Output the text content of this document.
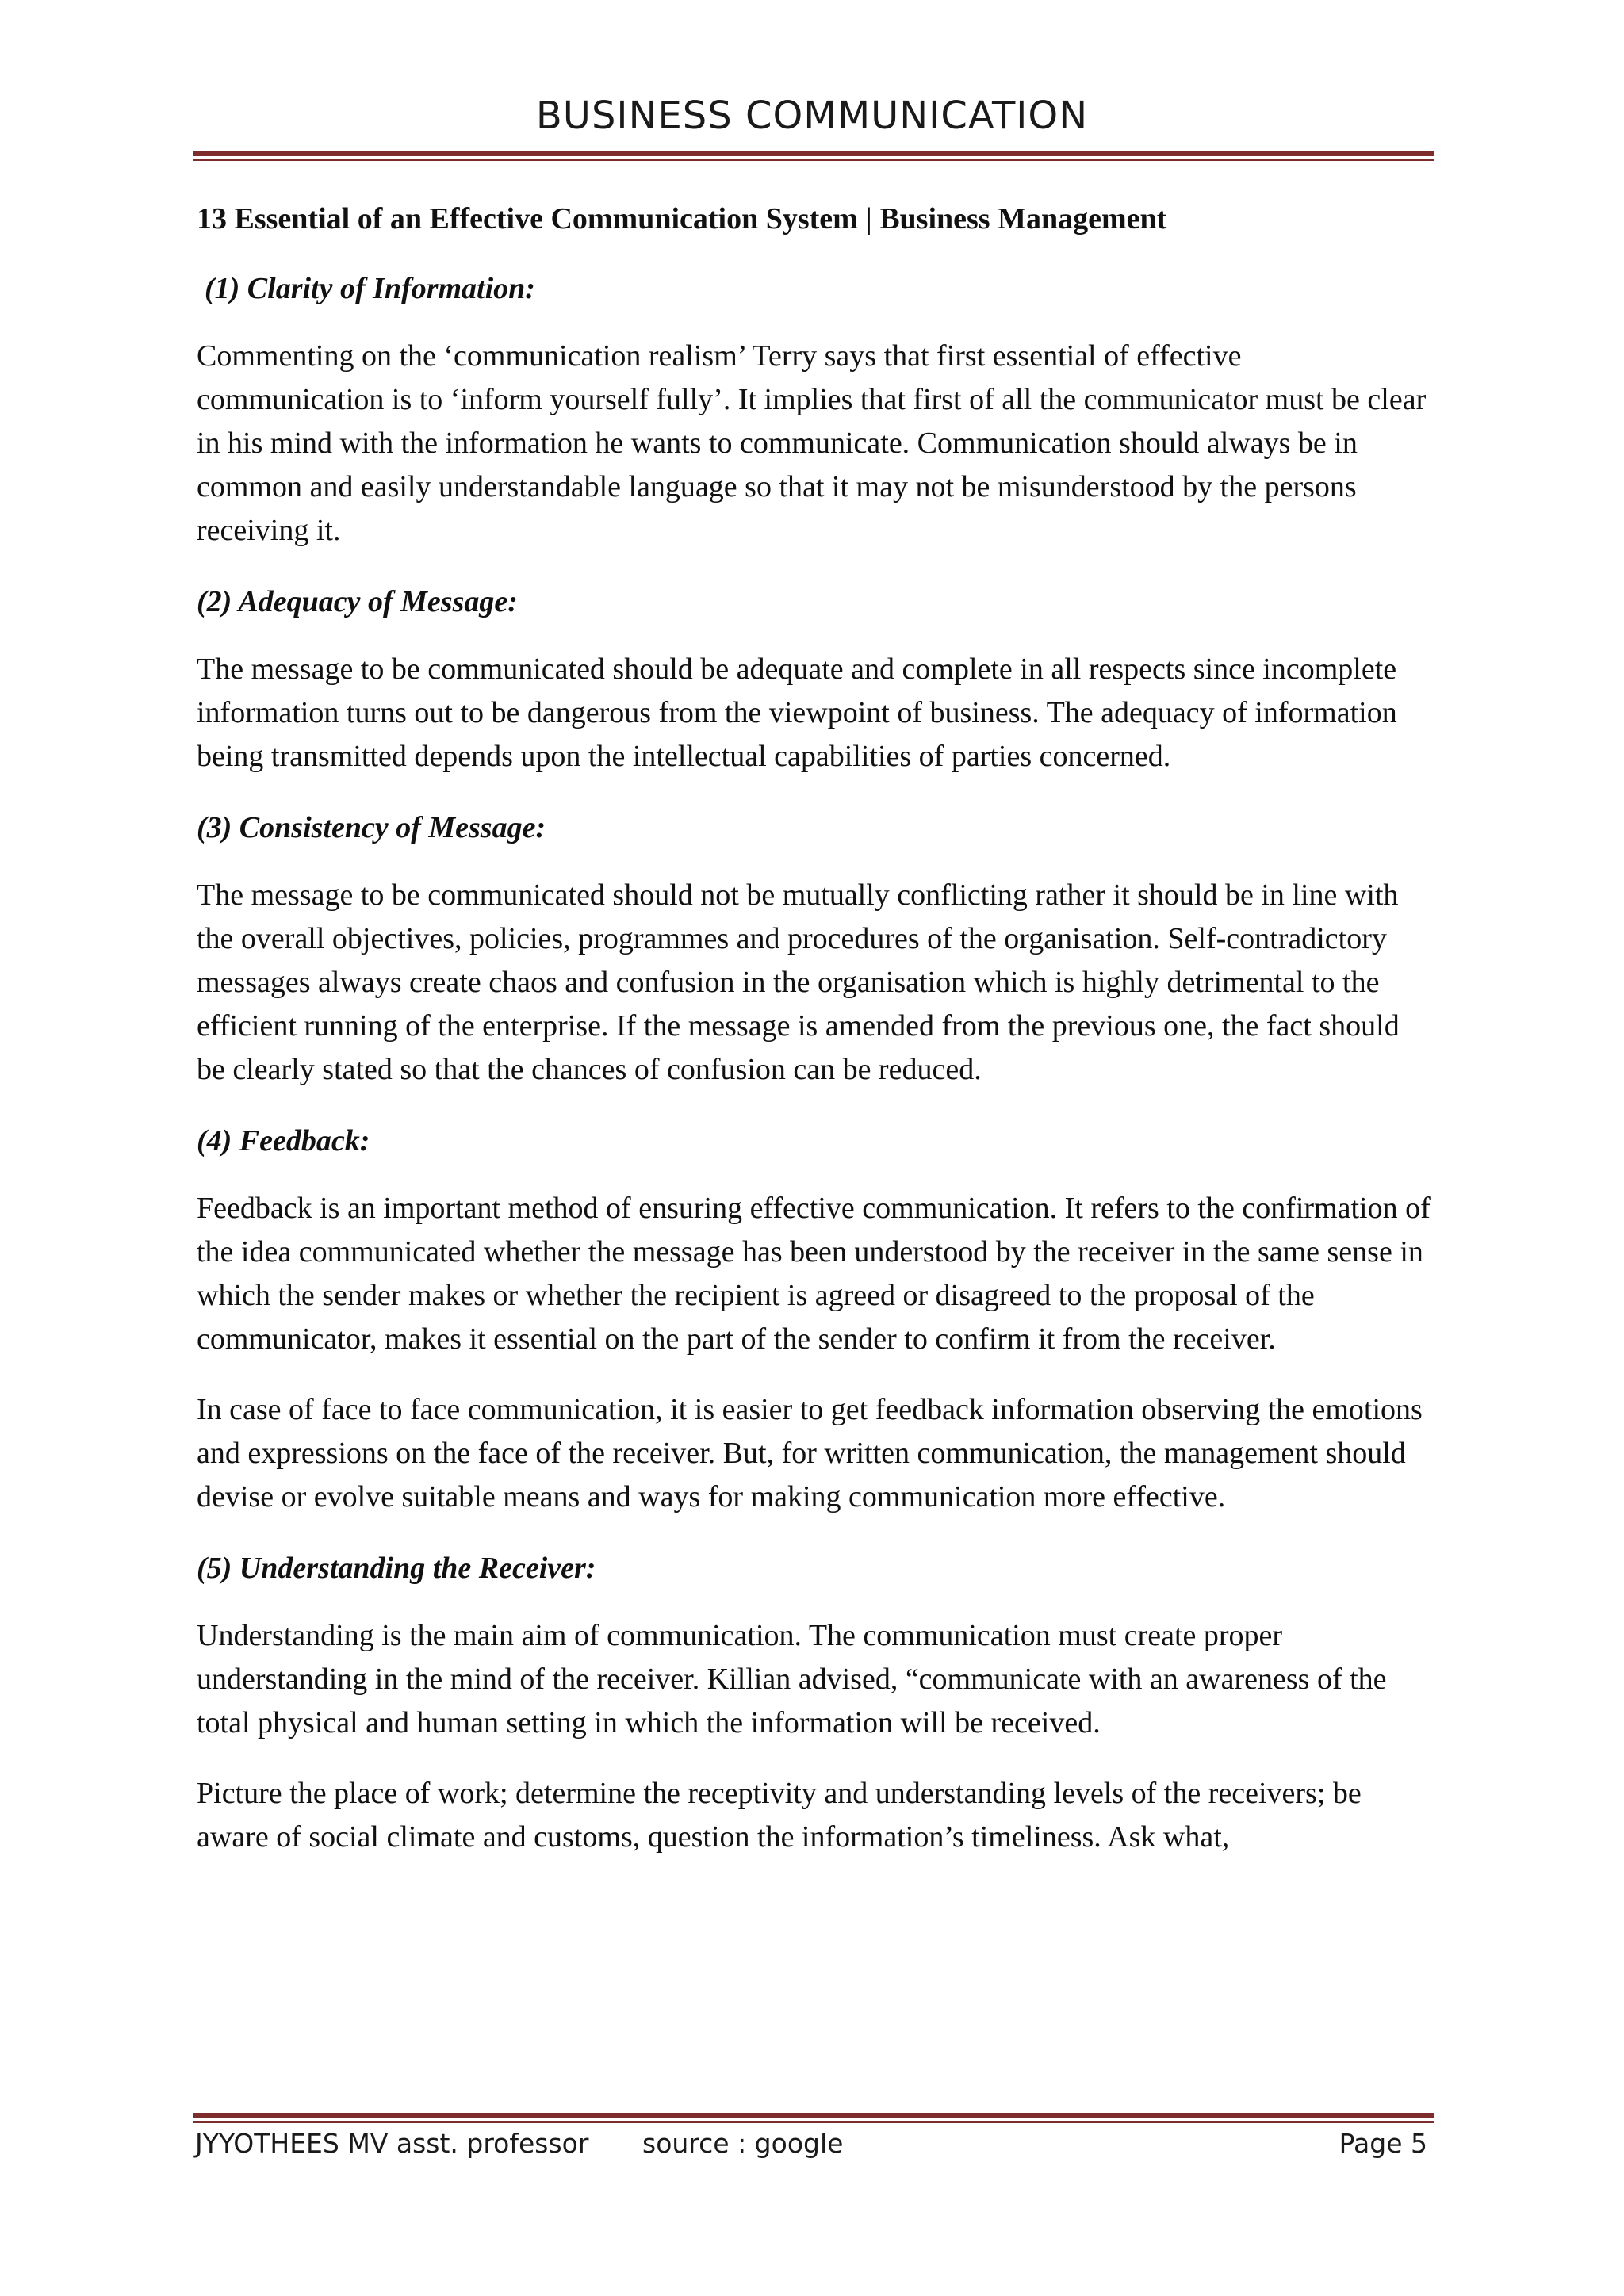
BUSINESS COMMUNICATION
13 Essential of an Effective Communication System | Business Management
(1) Clarity of Information:

Commenting on the ‘communication realism’ Terry says that first essential of effective communication is to ‘inform yourself fully’. It implies that first of all the communicator must be clear in his mind with the information he wants to communicate. Communication should always be in common and easily understandable language so that it may not be misunderstood by the persons receiving it.

(2) Adequacy of Message:

The message to be communicated should be adequate and complete in all respects since incomplete information turns out to be dangerous from the viewpoint of business. The adequacy of information being transmitted depends upon the intellectual capabilities of parties concerned.

(3) Consistency of Message:

The message to be communicated should not be mutually conflicting rather it should be in line with the overall objectives, policies, programmes and procedures of the organisation. Self-contradictory messages always create chaos and confusion in the organisation which is highly detrimental to the efficient running of the enterprise. If the message is amended from the previous one, the fact should be clearly stated so that the chances of confusion can be reduced.

(4) Feedback:

Feedback is an important method of ensuring effective communication. It refers to the confirmation of the idea communicated whether the message has been understood by the receiver in the same sense in which the sender makes or whether the recipient is agreed or disagreed to the proposal of the communicator, makes it essential on the part of the sender to confirm it from the receiver.

In case of face to face communication, it is easier to get feedback information observing the emotions and expressions on the face of the receiver. But, for written communication, the management should devise or evolve suitable means and ways for making communication more effective.

(5) Understanding the Receiver:

Understanding is the main aim of communication. The communication must create proper understanding in the mind of the receiver. Killian advised, “communicate with an awareness of the total physical and human setting in which the information will be received.

Picture the place of work; determine the receptivity and understanding levels of the receivers; be aware of social climate and customs, question the information’s timeliness. Ask what,

JYYOTHEES MV asst. professor source : google	Page 5
